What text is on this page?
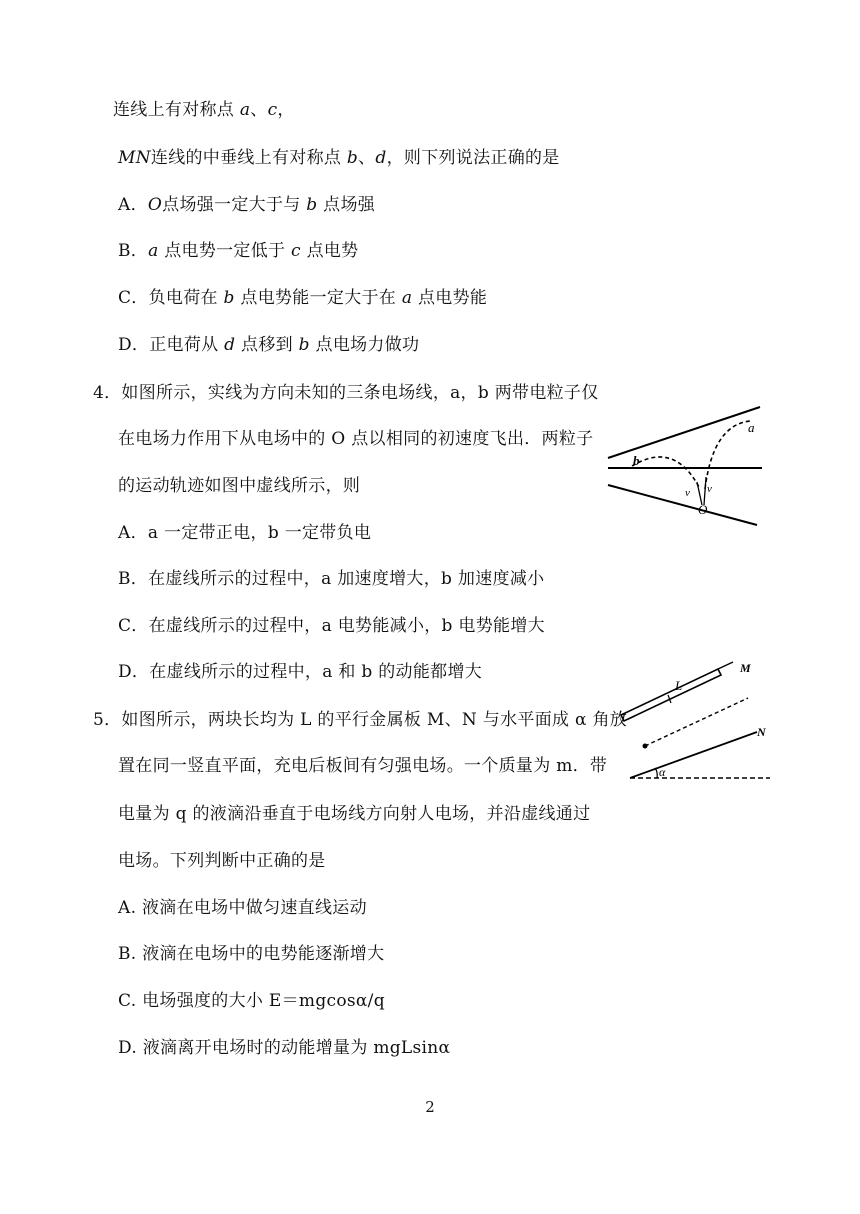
连线上有对称点 a、c，
MN连线的中垂线上有对称点 b、d，则下列说法正确的是
A．O点场强一定大于与 b 点场强
B．a 点电势一定低于 c 点电势
C．负电荷在 b 点电势能一定大于在 a 点电势能
D．正电荷从 d 点移到 b 点电场力做功
4．如图所示，实线为方向未知的三条电场线，a，b 两带电粒子仅
在电场力作用下从电场中的 O 点以相同的初速度飞出．两粒子
的运动轨迹如图中虚线所示，则
A．a 一定带正电，b 一定带负电
B．在虚线所示的过程中，a 加速度增大，b 加速度减小
C．在虚线所示的过程中，a 电势能减小，b 电势能增大
D．在虚线所示的过程中，a 和 b 的动能都增大
a
b
v v
O
5．如图所示，两块长均为 L 的平行金属板 M、N 与水平面成 α 角放
置在同一竖直平面，充电后板间有匀强电场。一个质量为 m．带
电量为 q 的液滴沿垂直于电场线方向射人电场，并沿虚线通过
电场。下列判断中正确的是
A. 液滴在电场中做匀速直线运动
B. 液滴在电场中的电势能逐渐增大
C. 电场强度的大小 E＝mgcosα/q
D. 液滴离开电场时的动能增量为 mgLsinα
L
M
N
α
2
